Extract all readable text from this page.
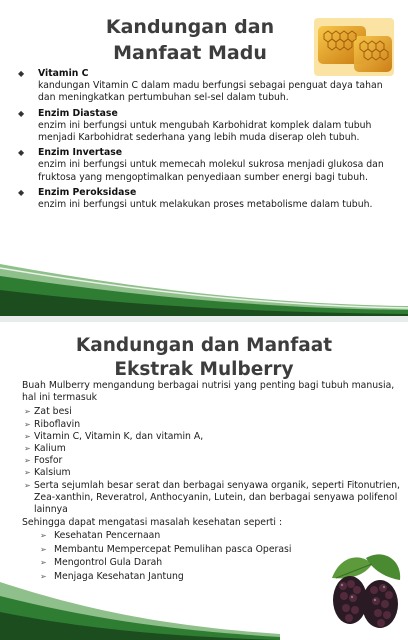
Kandungan dan Manfaat Madu
◆	Vitamin C
kandungan Vitamin C dalam madu berfungsi sebagai penguat daya tahan dan meningkatkan pertumbuhan sel-sel dalam tubuh.
◆	Enzim Diastase
enzim ini berfungsi untuk mengubah Karbohidrat komplek dalam tubuh menjadi Karbohidrat sederhana yang lebih muda diserap oleh tubuh.
◆	Enzim Invertase
enzim ini berfungsi untuk memecah molekul sukrosa menjadi glukosa dan fruktosa yang mengoptimalkan penyediaan sumber energi bagi tubuh.
◆	Enzim Peroksidase
enzim ini berfungsi untuk melakukan proses metabolisme dalam tubuh.
Kandungan dan Manfaat
Ekstrak Mulberry

Buah Mulberry mengandung berbagai nutrisi yang penting bagi tubuh manusia, hal ini termasuk

➢ Zat besi
➢ Riboflavin
➢ Vitamin C, Vitamin K, dan vitamin A,
➢ Kalium
➢ Fosfor
➢ Kalsium
➢ Serta sejumlah besar serat dan berbagai senyawa organik, seperti Fitonutrien, Zea-xanthin, Reveratrol, Anthocyanin, Lutein, dan berbagai senyawa polifenol lainnya

Sehingga dapat mengatasi masalah kesehatan seperti :

➢ Kesehatan Pencernaan
➢ Membantu Mempercepat Pemulihan pasca Operasi
➢ Mengontrol Gula Darah
➢ Menjaga Kesehatan Jantung
